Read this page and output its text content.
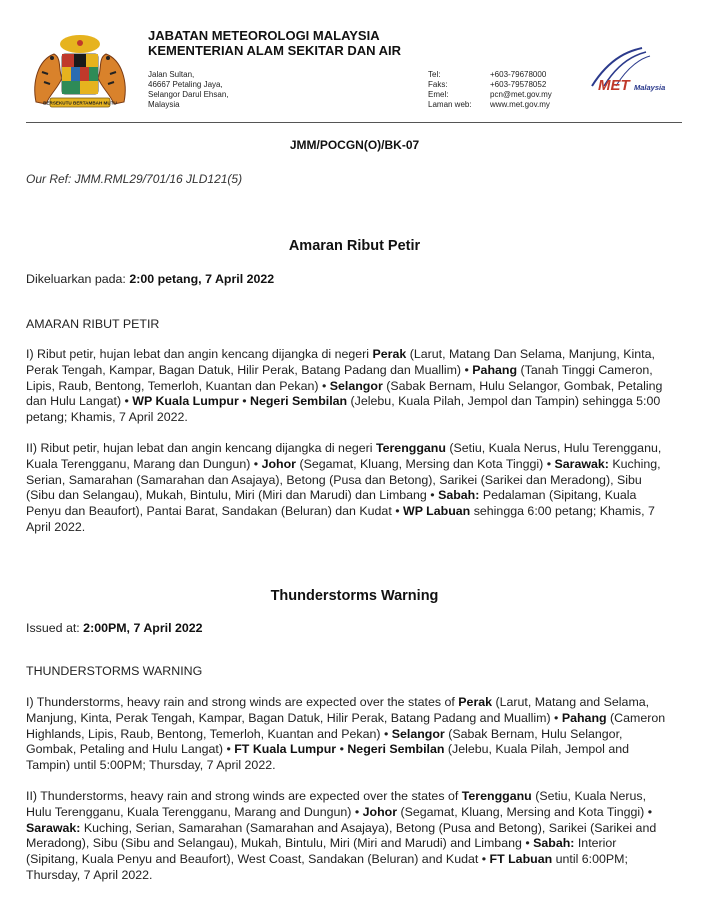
BERSEKUTU BERTAMBAH MUTU
JABATAN METEOROLOGI MALAYSIA
KEMENTERIAN ALAM SEKITAR DAN AIR
Jalan Sultan,
46667 Petaling Jaya,
Selangor Darul Ehsan,
Malaysia
Tel:	+603-79678000
Faks:	+603-79578052
Emel:	pcn@met.gov.my
Laman web:	www.met.gov.my
MET Malaysia
JMM/POCGN(O)/BK-07
Our Ref: JMM.RML29/701/16 JLD121(5)
Amaran Ribut Petir
Dikeluarkan pada: 2:00 petang, 7 April 2022
AMARAN RIBUT PETIR
I) Ribut petir, hujan lebat dan angin kencang dijangka di negeri Perak (Larut, Matang Dan Selama, Manjung, Kinta, Perak Tengah, Kampar, Bagan Datuk, Hilir Perak, Batang Padang dan Muallim) • Pahang (Tanah Tinggi Cameron, Lipis, Raub, Bentong, Temerloh, Kuantan dan Pekan) • Selangor (Sabak Bernam, Hulu Selangor, Gombak, Petaling dan Hulu Langat) • WP Kuala Lumpur • Negeri Sembilan (Jelebu, Kuala Pilah, Jempol dan Tampin) sehingga 5:00 petang; Khamis, 7 April 2022.
II) Ribut petir, hujan lebat dan angin kencang dijangka di negeri Terengganu (Setiu, Kuala Nerus, Hulu Terengganu, Kuala Terengganu, Marang dan Dungun) • Johor (Segamat, Kluang, Mersing dan Kota Tinggi) • Sarawak: Kuching, Serian, Samarahan (Samarahan dan Asajaya), Betong (Pusa dan Betong), Sarikei (Sarikei dan Meradong), Sibu (Sibu dan Selangau), Mukah, Bintulu, Miri (Miri dan Marudi) dan Limbang • Sabah: Pedalaman (Sipitang, Kuala Penyu dan Beaufort), Pantai Barat, Sandakan (Beluran) dan Kudat • WP Labuan sehingga 6:00 petang; Khamis, 7 April 2022.
Thunderstorms Warning
Issued at: 2:00PM, 7 April 2022
THUNDERSTORMS WARNING
I) Thunderstorms, heavy rain and strong winds are expected over the states of Perak (Larut, Matang and Selama, Manjung, Kinta, Perak Tengah, Kampar, Bagan Datuk, Hilir Perak, Batang Padang and Muallim) • Pahang (Cameron Highlands, Lipis, Raub, Bentong, Temerloh, Kuantan and Pekan) • Selangor (Sabak Bernam, Hulu Selangor, Gombak, Petaling and Hulu Langat) • FT Kuala Lumpur • Negeri Sembilan (Jelebu, Kuala Pilah, Jempol and Tampin) until 5:00PM; Thursday, 7 April 2022.
II) Thunderstorms, heavy rain and strong winds are expected over the states of Terengganu (Setiu, Kuala Nerus, Hulu Terengganu, Kuala Terengganu, Marang and Dungun) • Johor (Segamat, Kluang, Mersing and Kota Tinggi) • Sarawak: Kuching, Serian, Samarahan (Samarahan and Asajaya), Betong (Pusa and Betong), Sarikei (Sarikei and Meradong), Sibu (Sibu and Selangau), Mukah, Bintulu, Miri (Miri and Marudi) and Limbang • Sabah: Interior (Sipitang, Kuala Penyu and Beaufort), West Coast, Sandakan (Beluran) and Kudat • FT Labuan until 6:00PM; Thursday, 7 April 2022.
